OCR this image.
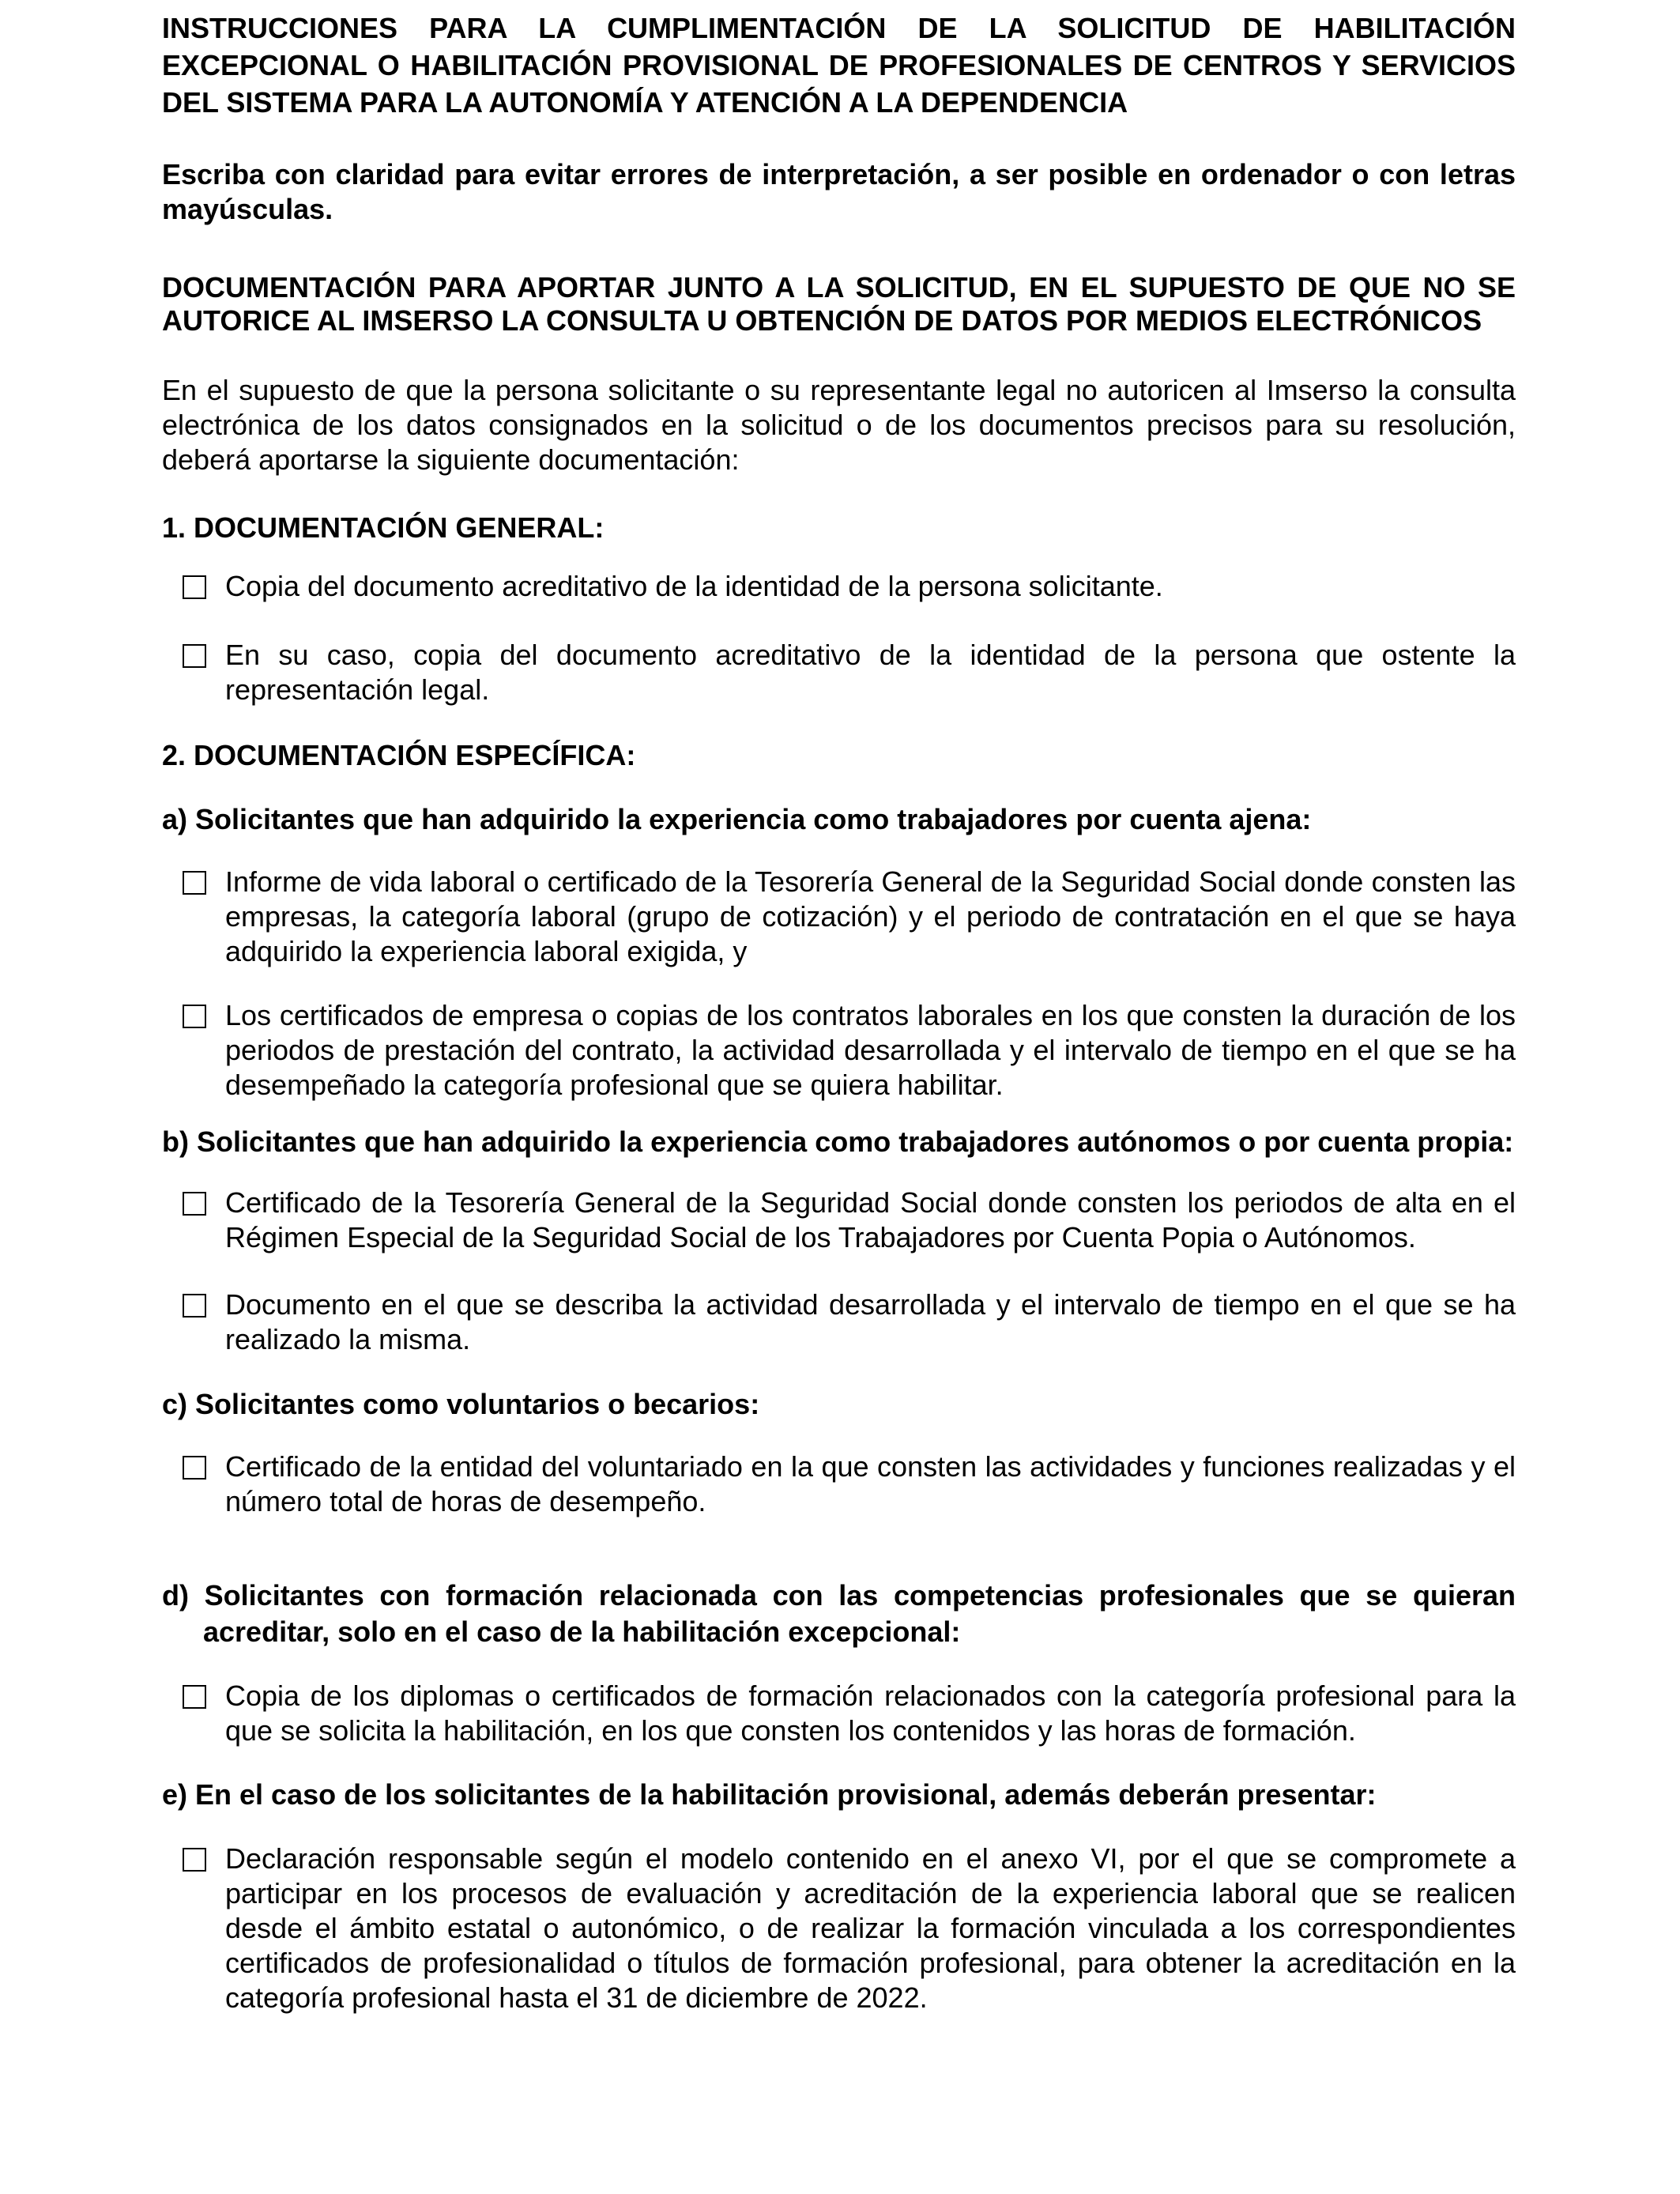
INSTRUCCIONES PARA LA CUMPLIMENTACIÓN DE LA SOLICITUD DE HABILITACIÓN EXCEPCIONAL O HABILITACIÓN PROVISIONAL DE PROFESIONALES DE CENTROS Y SERVICIOS DEL SISTEMA PARA LA AUTONOMÍA Y ATENCIÓN A LA DEPENDENCIA

Escriba con claridad para evitar errores de interpretación, a ser posible en ordenador o con letras mayúsculas.

DOCUMENTACIÓN PARA APORTAR JUNTO A LA SOLICITUD, EN EL SUPUESTO DE QUE NO SE AUTORICE AL IMSERSO LA CONSULTA U OBTENCIÓN DE DATOS POR MEDIOS ELECTRÓNICOS

En el supuesto de que la persona solicitante o su representante legal no autoricen al Imserso la consulta electrónica de los datos consignados en la solicitud o de los documentos precisos para su resolución, deberá aportarse la siguiente documentación:

1. DOCUMENTACIÓN GENERAL:

Copia del documento acreditativo de la identidad de la persona solicitante.
En su caso, copia del documento acreditativo de la identidad de la persona que ostente la representación legal.

2. DOCUMENTACIÓN ESPECÍFICA:

a) Solicitantes que han adquirido la experiencia como trabajadores por cuenta ajena:

Informe de vida laboral o certificado de la Tesorería General de la Seguridad Social donde consten las empresas, la categoría laboral (grupo de cotización) y el periodo de contratación en el que se haya adquirido la experiencia laboral exigida, y
Los certificados de empresa o copias de los contratos laborales en los que consten la duración de los periodos de prestación del contrato, la actividad desarrollada y el intervalo de tiempo en el que se ha desempeñado la categoría profesional que se quiera habilitar.

b) Solicitantes que han adquirido la experiencia como trabajadores autónomos o por cuenta propia:

Certificado de la Tesorería General de la Seguridad Social donde consten los periodos de alta en el Régimen Especial de la Seguridad Social de los Trabajadores por Cuenta Popia o Autónomos.
Documento en el que se describa la actividad desarrollada y el intervalo de tiempo en el que se ha realizado la misma.

c) Solicitantes como voluntarios o becarios:

Certificado de la entidad del voluntariado en la que consten las actividades y funciones realizadas y el número total de horas de desempeño.

d) Solicitantes con formación relacionada con las competencias profesionales que se quieran acreditar, solo en el caso de la habilitación excepcional:

Copia de los diplomas o certificados de formación relacionados con la categoría profesional para la que se solicita la habilitación, en los que consten los contenidos y las horas de formación.

e) En el caso de los solicitantes de la habilitación provisional, además deberán presentar:

Declaración responsable según el modelo contenido en el anexo VI, por el que se compromete a participar en los procesos de evaluación y acreditación de la experiencia laboral que se realicen desde el ámbito estatal o autonómico, o de realizar la formación vinculada a los correspondientes certificados de profesionalidad o títulos de formación profesional, para obtener la acreditación en la categoría profesional hasta el 31 de diciembre de 2022.
